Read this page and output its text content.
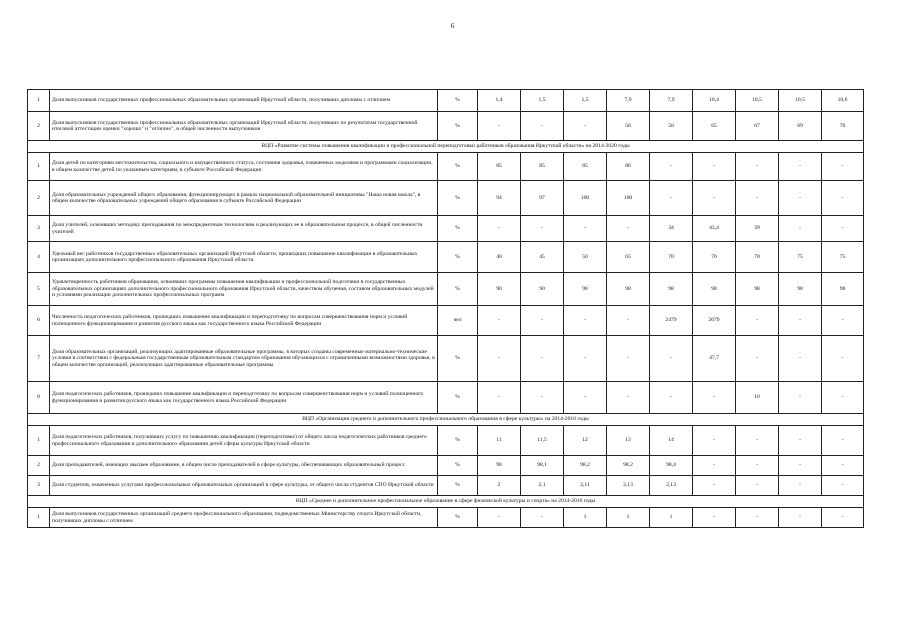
6
1	Доля выпускников государственных профессиональных образовательных организаций Иркутской области, получивших дипломы с отличием	%	1,4	1,5	1,5	7,9	7,9	10,4	10,5	10,5	10,6
2	Доля выпускников государственных профессиональных образовательных организаций Иркутской области, получивших по результатам государственной итоговой аттестации оценки "хорошо" и "отлично", в общей численности выпускников	%	-	-	-	56	58	65	67	69	70
ВЦП «Развитие системы повышения квалификации и профессиональной переподготовки работников образования Иркутской области» на 2014-2020 годы											
1	Доля детей по категориям местожительства, социального и имущественного статуса, состояния здоровья, охваченных моделями и программами социализации, в общем количестве детей по указанным категориям, в субъекте Российской Федерации	%	85	85	85	86	-	-	-	-	-
2	Доля образовательных учреждений общего образования, функционирующих в рамках национальной образовательной инициативы "Наша новая школа", в общем количестве образовательных учреждений общего образования в субъекте Российской Федерации	%	94	97	100	100	-	-	-	-	-
3	Доля учителей, освоивших методику преподавания по межпредметным технологиям и реализующих ее в образовательном процессе, в общей численности учителей	%	-	-	-	-	34	43,4	39	-	-
4	Удельный вес работников государственных образовательных организаций Иркутской области, прошедших повышение квалификации в образовательных организациях дополнительного профессионального образования Иркутской области	%	40	45	50	65	70	70	70	75	75
5	Удовлетворенность работников образования, освоивших программы повышения квалификации и профессиональной подготовки в государственных образовательных организациях дополнительного профессионального образования Иркутской области, качеством обучения, составом образовательных модулей и условиями реализации дополнительных профессиональных программ	%	90	90	98	98	98	98	98	98	98
6	Численность педагогических работников, прошедших повышение квалификации и переподготовку по вопросам совершенствования норм и условий полноценного функционирования и развития русского языка как государственного языка Российской Федерации	чел	-	-	-	-	2479	2679	-	-	-
7	Доля образовательных организаций, реализующих адаптированные образовательные программы, в которых созданы современные материально-технические условия в соответствии с федеральным государственным образовательным стандартом образования обучающихся с ограниченными возможностями здоровья, в общем количестве организаций, реализующих адаптированные образовательные программы	%	-	-	-	-	-	47,7	-	-	-
8	Доля педагогических работников, прошедших повышение квалификации и переподготовку по вопросам совершенствования норм и условий полноценного функционирования и развития русского языка как государственного языка Российской Федерации	%	-	-	-	-	-	-	10	-	-
ВЦП «Организация среднего и дополнительного профессионального образования в сфере культуры» на 2014-2016 годы											
1	Доля педагогических работников, получивших услугу по повышению квалификации (переподготовке) от общего числа педагогических работников среднего профессионального образования и дополнительного образования детей сферы культуры Иркутской области	%	11	11,5	12	13	14	-	-	-	-
2	Доля преподавателей, имеющих высшее образование, в общем числе преподавателей в сфере культуры, обеспечивающих образовательный процесс	%	98	98,1	98,2	98,2	98,4	-	-	-	-
3	Доля студентов, охваченных услугами профессиональных образовательных организаций в сфере культуры, от общего числа студентов СПО Иркутской области	%	2	2,1	2,11	2,13	2,13	-	-	-	-
ВЦП «Среднее и дополнительное профессиональное образование в сфере физической культуры и спорта» на 2014-2016 годы											
1	Доля выпускников государственных организаций среднего профессионального образования, подведомственных Министерству спорта Иркутской области, получивших дипломы с отличием	%	-	-	1	1	1	-	-	-	-
